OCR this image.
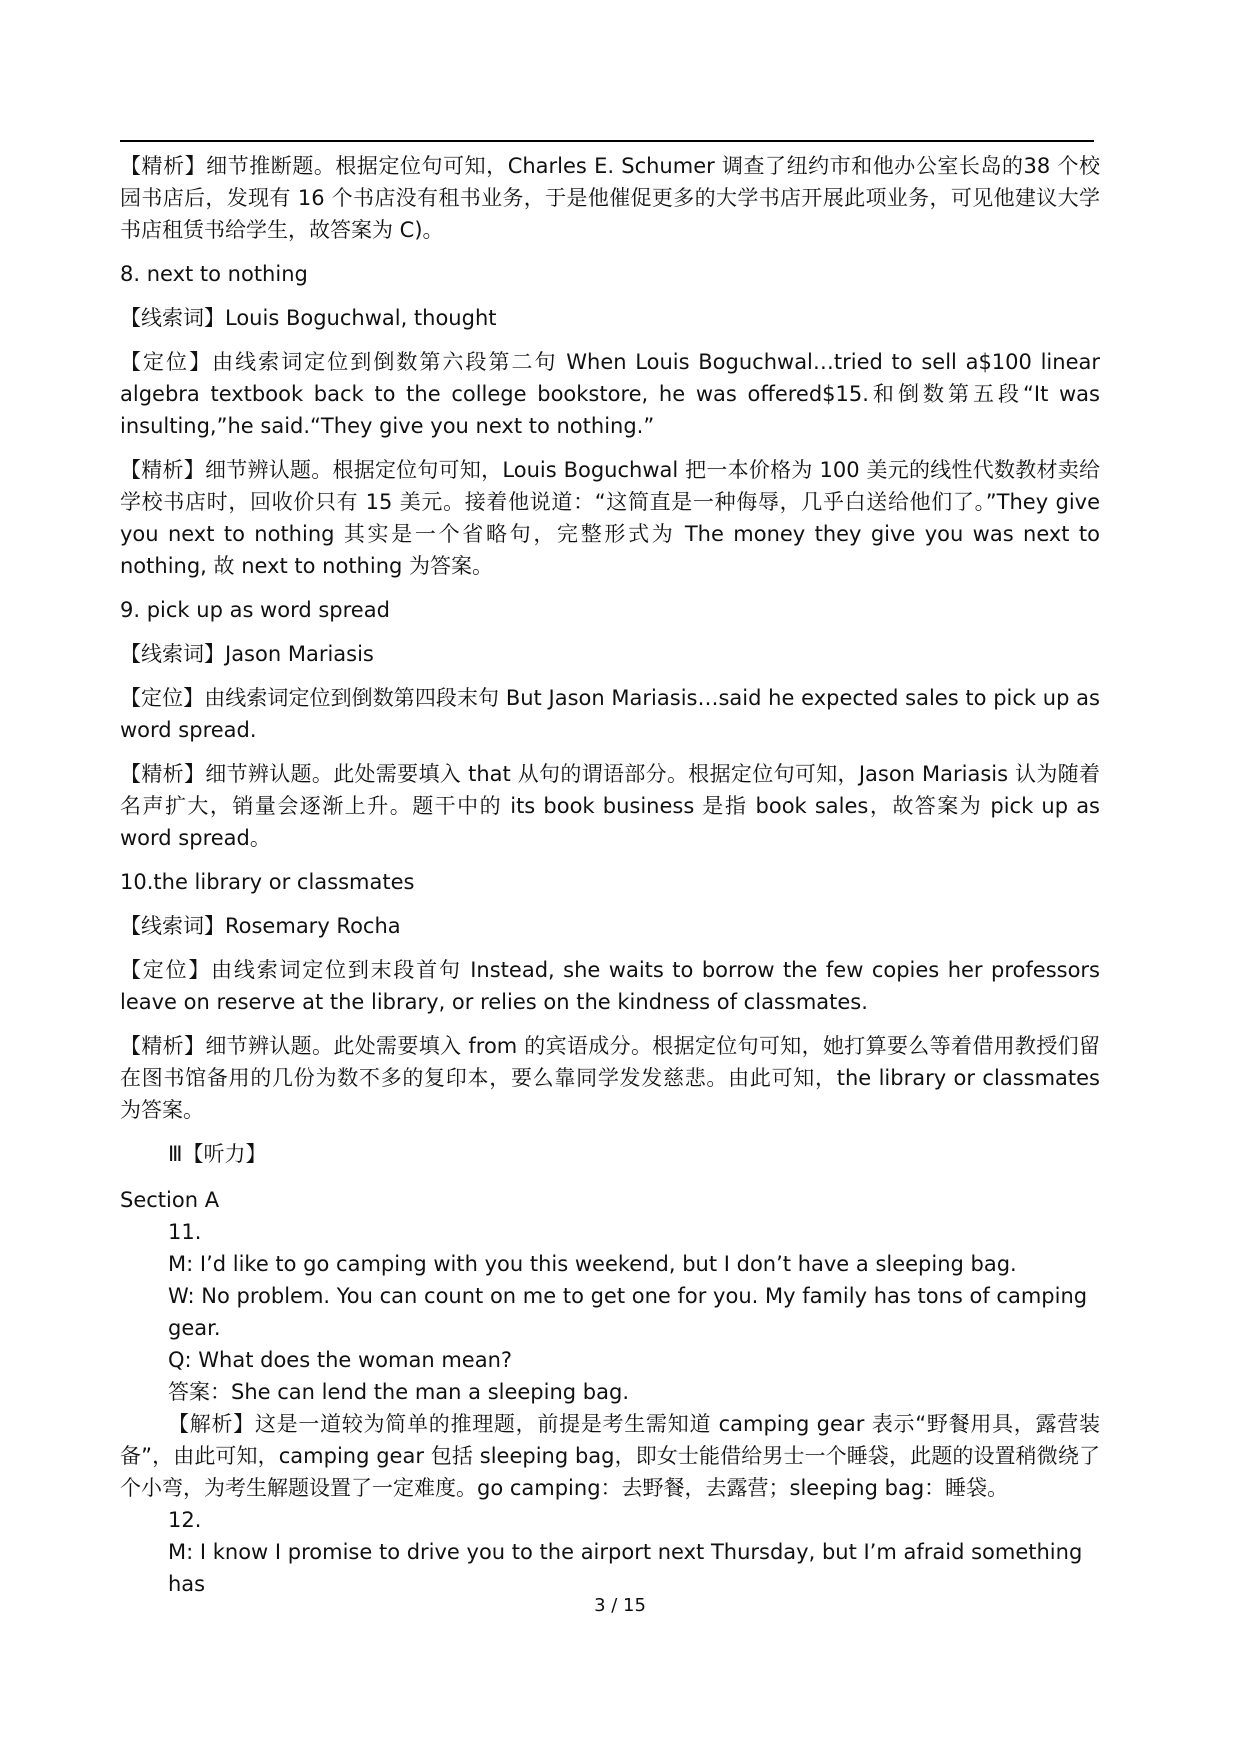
【精析】细节推断题。根据定位句可知，Charles E. Schumer 调查了纽约市和他办公室长岛的38 个校园书店后，发现有 16 个书店没有租书业务，于是他催促更多的大学书店开展此项业务，可见他建议大学书店租赁书给学生，故答案为 C)。

8. next to nothing

【线索词】Louis Boguchwal, thought

【定位】由线索词定位到倒数第六段第二句 When Louis Boguchwal…tried to sell a$100 linear algebra textbook back to the college bookstore, he was offered$15.和倒数第五段“It was insulting,”he said.“They give you next to nothing.”

【精析】细节辨认题。根据定位句可知，Louis Boguchwal 把一本价格为 100 美元的线性代数教材卖给学校书店时，回收价只有 15 美元。接着他说道：“这简直是一种侮辱，几乎白送给他们了。”They give you next to nothing 其实是一个省略句，完整形式为 The money they give you was next to nothing, 故 next to nothing 为答案。

9. pick up as word spread

【线索词】Jason Mariasis

【定位】由线索词定位到倒数第四段末句 But Jason Mariasis…said he expected sales to pick up as word spread.

【精析】细节辨认题。此处需要填入 that 从句的谓语部分。根据定位句可知，Jason Mariasis 认为随着名声扩大，销量会逐渐上升。题干中的 its book business 是指 book sales，故答案为 pick up as word spread。

10.the library or classmates

【线索词】Rosemary Rocha

【定位】由线索词定位到末段首句 Instead, she waits to borrow the few copies her professors leave on reserve at the library, or relies on the kindness of classmates.

【精析】细节辨认题。此处需要填入 from 的宾语成分。根据定位句可知，她打算要么等着借用教授们留在图书馆备用的几份为数不多的复印本，要么靠同学发发慈悲。由此可知，the library or classmates 为答案。

Ⅲ【听力】

Section A

11.

M: I’d like to go camping with you this weekend, but I don’t have a sleeping bag.

W: No problem. You can count on me to get one for you. My family has tons of camping gear.

Q: What does the woman mean?

答案：She can lend the man a sleeping bag.

【解析】这是一道较为简单的推理题，前提是考生需知道 camping gear 表示“野餐用具，露营装备”，由此可知，camping gear 包括 sleeping bag，即女士能借给男士一个睡袋，此题的设置稍微绕了个小弯，为考生解题设置了一定难度。go camping：去野餐，去露营；sleeping bag：睡袋。

12.

M: I know I promise to drive you to the airport next Thursday, but I’m afraid something has

3 / 15
